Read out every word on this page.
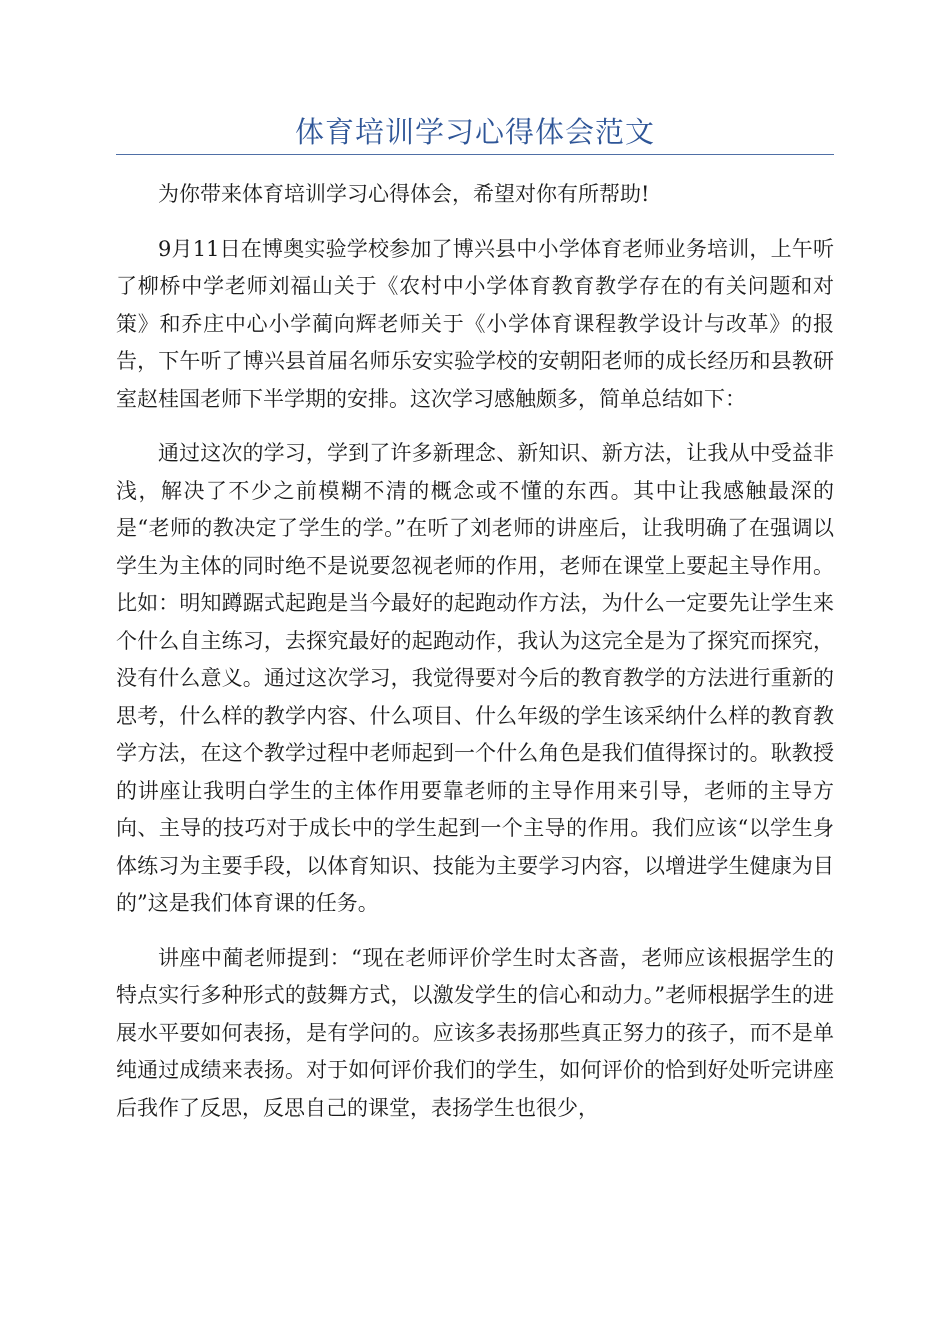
体育培训学习心得体会范文

为你带来体育培训学习心得体会，希望对你有所帮助!

9月11日在博奥实验学校参加了博兴县中小学体育老师业务培训，上午听了柳桥中学老师刘福山关于《农村中小学体育教育教学存在的有关问题和对策》和乔庄中心小学蔺向辉老师关于《小学体育课程教学设计与改革》的报告，下午听了博兴县首届名师乐安实验学校的安朝阳老师的成长经历和县教研室赵桂国老师下半学期的安排。这次学习感触颇多，简单总结如下：

通过这次的学习，学到了许多新理念、新知识、新方法，让我从中受益非浅，解决了不少之前模糊不清的概念或不懂的东西。其中让我感触最深的是“老师的教决定了学生的学。”在听了刘老师的讲座后，让我明确了在强调以学生为主体的同时绝不是说要忽视老师的作用，老师在课堂上要起主导作用。比如：明知蹲踞式起跑是当今最好的起跑动作方法，为什么一定要先让学生来个什么自主练习，去探究最好的起跑动作，我认为这完全是为了探究而探究，没有什么意义。通过这次学习，我觉得要对今后的教育教学的方法进行重新的思考，什么样的教学内容、什么项目、什么年级的学生该采纳什么样的教育教学方法，在这个教学过程中老师起到一个什么角色是我们值得探讨的。耿教授的讲座让我明白学生的主体作用要靠老师的主导作用来引导，老师的主导方向、主导的技巧对于成长中的学生起到一个主导的作用。我们应该“以学生身体练习为主要手段，以体育知识、技能为主要学习内容，以增进学生健康为目的”这是我们体育课的任务。

讲座中蔺老师提到：“现在老师评价学生时太吝啬，老师应该根据学生的特点实行多种形式的鼓舞方式，以激发学生的信心和动力。”老师根据学生的进展水平要如何表扬，是有学问的。应该多表扬那些真正努力的孩子，而不是单纯通过成绩来表扬。对于如何评价我们的学生，如何评价的恰到好处听完讲座后我作了反思，反思自己的课堂，表扬学生也很少，
